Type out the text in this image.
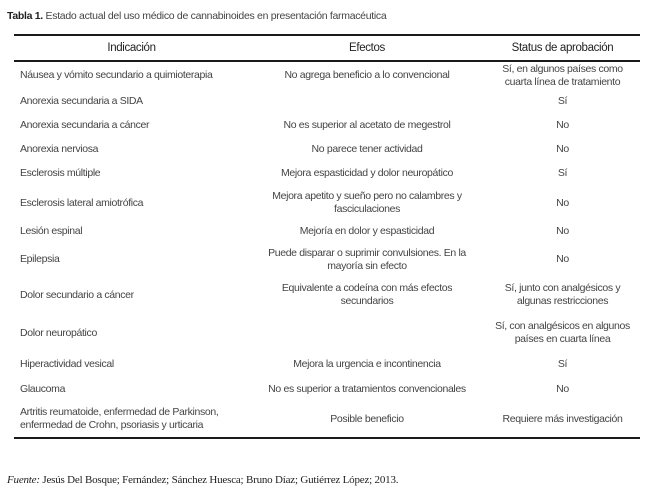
Tabla 1. Estado actual del uso médico de cannabinoides en presentación farmacéutica
Indicación	Efectos	Status de aprobación

Náusea y vómito secundario a quimioterapia	No agrega beneficio a lo convencional	Sí, en algunos países como cuarta línea de tratamiento

Anorexia secundaria a SIDA		Sí

Anorexia secundaria a cáncer	No es superior al acetato de megestrol	No

Anorexia nerviosa	No parece tener actividad	No

Esclerosis múltiple	Mejora espasticidad y dolor neuropático	Sí

Esclerosis lateral amiotrófica	Mejora apetito y sueño pero no calambres y fasciculaciones	No

Lesión espinal	Mejoría en dolor y espasticidad	No

Epilepsia	Puede disparar o suprimir convulsiones. En la mayoría sin efecto	No

Dolor secundario a cáncer	Equivalente a codeína con más efectos secundarios	Sí, junto con analgésicos y algunas restricciones

Dolor neuropático		Sí, con analgésicos en algunos países en cuarta línea

Hiperactividad vesical	Mejora la urgencia e incontinencia	Sí

Glaucoma	No es superior a tratamientos convencionales	No

Artritis reumatoide, enfermedad de Parkinson, enfermedad de Crohn, psoriasis y urticaria	Posible beneficio	Requiere más investigación
Fuente: Jesús Del Bosque; Fernández; Sánchez Huesca; Bruno Díaz; Gutiérrez López; 2013.
